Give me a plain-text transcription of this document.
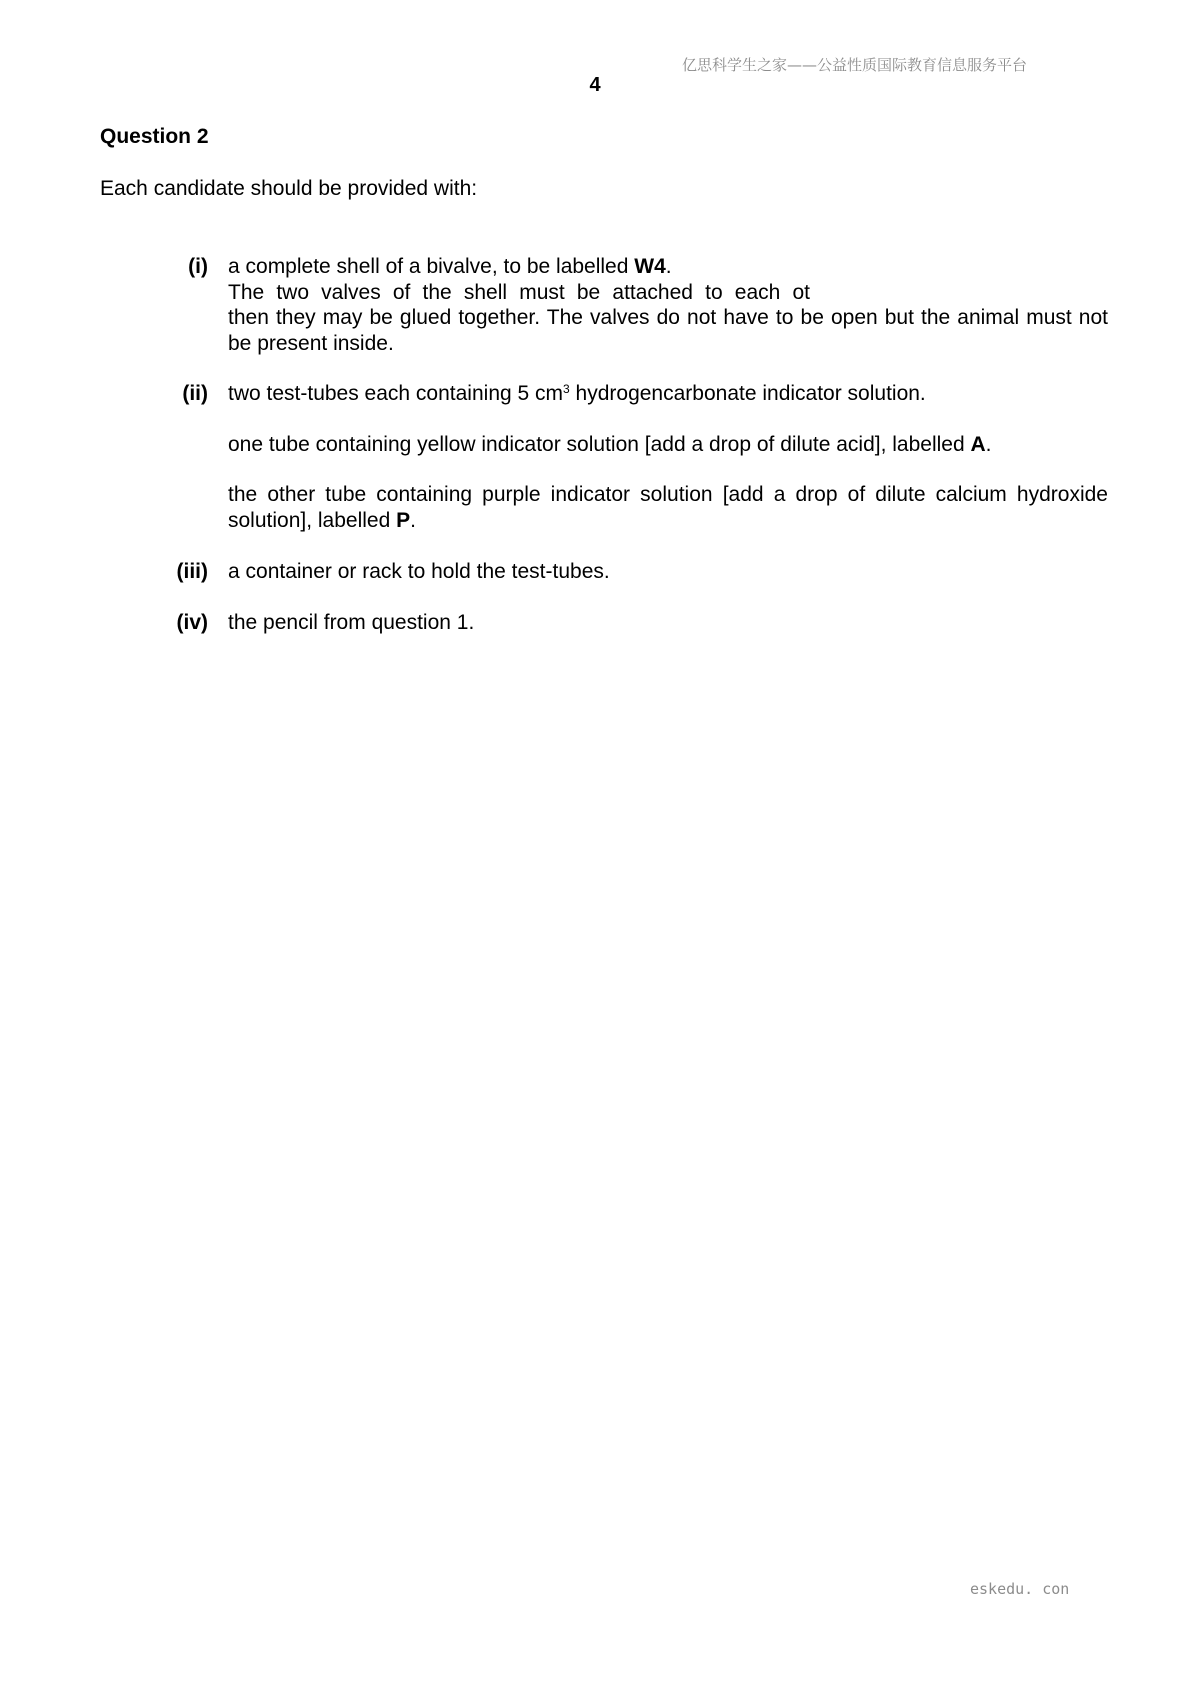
亿思科学生之家——公益性质国际教育信息服务平台
4
Question 2
Each candidate should be provided with:
(i) a complete shell of a bivalve, to be labelled W4.
The two valves of the shell must be attached to each ot
then they may be glued together. The valves do not have to be open but the animal must not be present inside.
(ii) two test-tubes each containing 5 $cm^3$ hydrogencarbonate indicator solution.

one tube containing yellow indicator solution [add a drop of dilute acid], labelled A.

the other tube containing purple indicator solution [add a drop of dilute calcium hydroxide solution], labelled P.

(iii) a container or rack to hold the test-tubes.
(iv) the pencil from question 1.
eskedu. con
